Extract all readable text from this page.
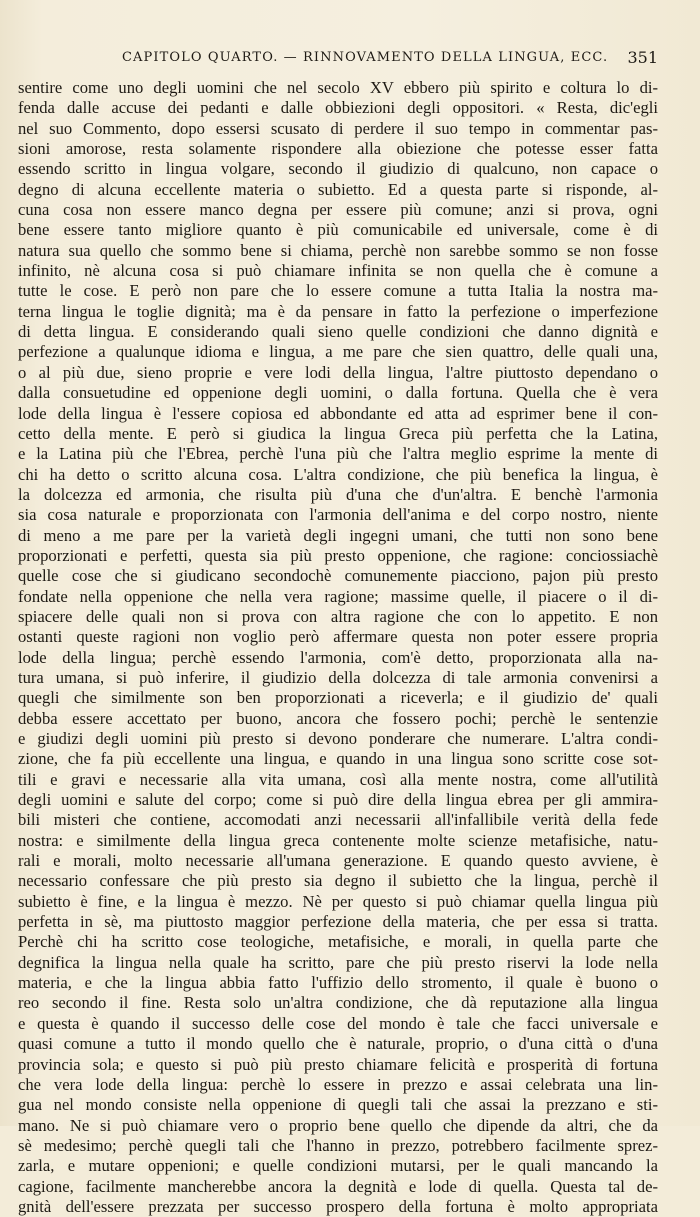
CAPITOLO QUARTO. — RINNOVAMENTO DELLA LINGUA, ECC. 351
sentire come uno degli uomini che nel secolo XV ebbero più spirito e coltura lo di-
fenda dalle accuse dei pedanti e dalle obbiezioni degli oppositori. « Resta, dic'egli
nel suo Commento, dopo essersi scusato di perdere il suo tempo in commentar pas-
sioni amorose, resta solamente rispondere alla obiezione che potesse esser fatta
essendo scritto in lingua volgare, secondo il giudizio di qualcuno, non capace o
degno di alcuna eccellente materia o subietto. Ed a questa parte si risponde, al-
cuna cosa non essere manco degna per essere più comune; anzi si prova, ogni
bene essere tanto migliore quanto è più comunicabile ed universale, come è di
natura sua quello che sommo bene si chiama, perchè non sarebbe sommo se non fosse
infinito, nè alcuna cosa si può chiamare infinita se non quella che è comune a
tutte le cose. E però non pare che lo essere comune a tutta Italia la nostra ma-
terna lingua le toglie dignità; ma è da pensare in fatto la perfezione o imperfezione
di detta lingua. E considerando quali sieno quelle condizioni che danno dignità e
perfezione a qualunque idioma e lingua, a me pare che sien quattro, delle quali una,
o al più due, sieno proprie e vere lodi della lingua, l'altre piuttosto dependano o
dalla consuetudine ed oppenione degli uomini, o dalla fortuna. Quella che è vera
lode della lingua è l'essere copiosa ed abbondante ed atta ad esprimer bene il con-
cetto della mente. E però si giudica la lingua Greca più perfetta che la Latina,
e la Latina più che l'Ebrea, perchè l'una più che l'altra meglio esprime la mente di
chi ha detto o scritto alcuna cosa. L'altra condizione, che più benefica la lingua, è
la dolcezza ed armonia, che risulta più d'una che d'un'altra. E benchè l'armonia
sia cosa naturale e proporzionata con l'armonia dell'anima e del corpo nostro, niente
di meno a me pare per la varietà degli ingegni umani, che tutti non sono bene
proporzionati e perfetti, questa sia più presto oppenione, che ragione: conciossiachè
quelle cose che si giudicano secondochè comunemente piacciono, pajon più presto
fondate nella oppenione che nella vera ragione; massime quelle, il piacere o il di-
spiacere delle quali non si prova con altra ragione che con lo appetito. E non
ostanti queste ragioni non voglio però affermare questa non poter essere propria
lode della lingua; perchè essendo l'armonia, com'è detto, proporzionata alla na-
tura umana, si può inferire, il giudizio della dolcezza di tale armonia convenirsi a
quegli che similmente son ben proporzionati a riceverla; e il giudizio de' quali
debba essere accettato per buono, ancora che fossero pochi; perchè le sentenzie
e giudizi degli uomini più presto si devono ponderare che numerare. L'altra condi-
zione, che fa più eccellente una lingua, e quando in una lingua sono scritte cose sot-
tili e gravi e necessarie alla vita umana, così alla mente nostra, come all'utilità
degli uomini e salute del corpo; come si può dire della lingua ebrea per gli ammira-
bili misteri che contiene, accomodati anzi necessarii all'infallibile verità della fede
nostra: e similmente della lingua greca contenente molte scienze metafisiche, natu-
rali e morali, molto necessarie all'umana generazione. E quando questo avviene, è
necessario confessare che più presto sia degno il subietto che la lingua, perchè il
subietto è fine, e la lingua è mezzo. Nè per questo si può chiamar quella lingua più
perfetta in sè, ma piuttosto maggior perfezione della materia, che per essa si tratta.
Perchè chi ha scritto cose teologiche, metafisiche, e morali, in quella parte che
degnifica la lingua nella quale ha scritto, pare che più presto riservi la lode nella
materia, e che la lingua abbia fatto l'uffizio dello stromento, il quale è buono o
reo secondo il fine. Resta solo un'altra condizione, che dà reputazione alla lingua
e questa è quando il successo delle cose del mondo è tale che facci universale e
quasi comune a tutto il mondo quello che è naturale, proprio, o d'una città o d'una
provincia sola; e questo si può più presto chiamare felicità e prosperità di fortuna
che vera lode della lingua: perchè lo essere in prezzo e assai celebrata una lin-
gua nel mondo consiste nella oppenione di quegli tali che assai la prezzano e sti-
mano. Ne si può chiamare vero o proprio bene quello che dipende da altri, che da
sè medesimo; perchè quegli tali che l'hanno in prezzo, potrebbero facilmente sprez-
zarla, e mutare oppenioni; e quelle condizioni mutarsi, per le quali mancando la
cagione, facilmente mancherebbe ancora la degnità e lode di quella. Questa tal de-
gnità dell'essere prezzata per successo prospero della fortuna è molto appropriata
